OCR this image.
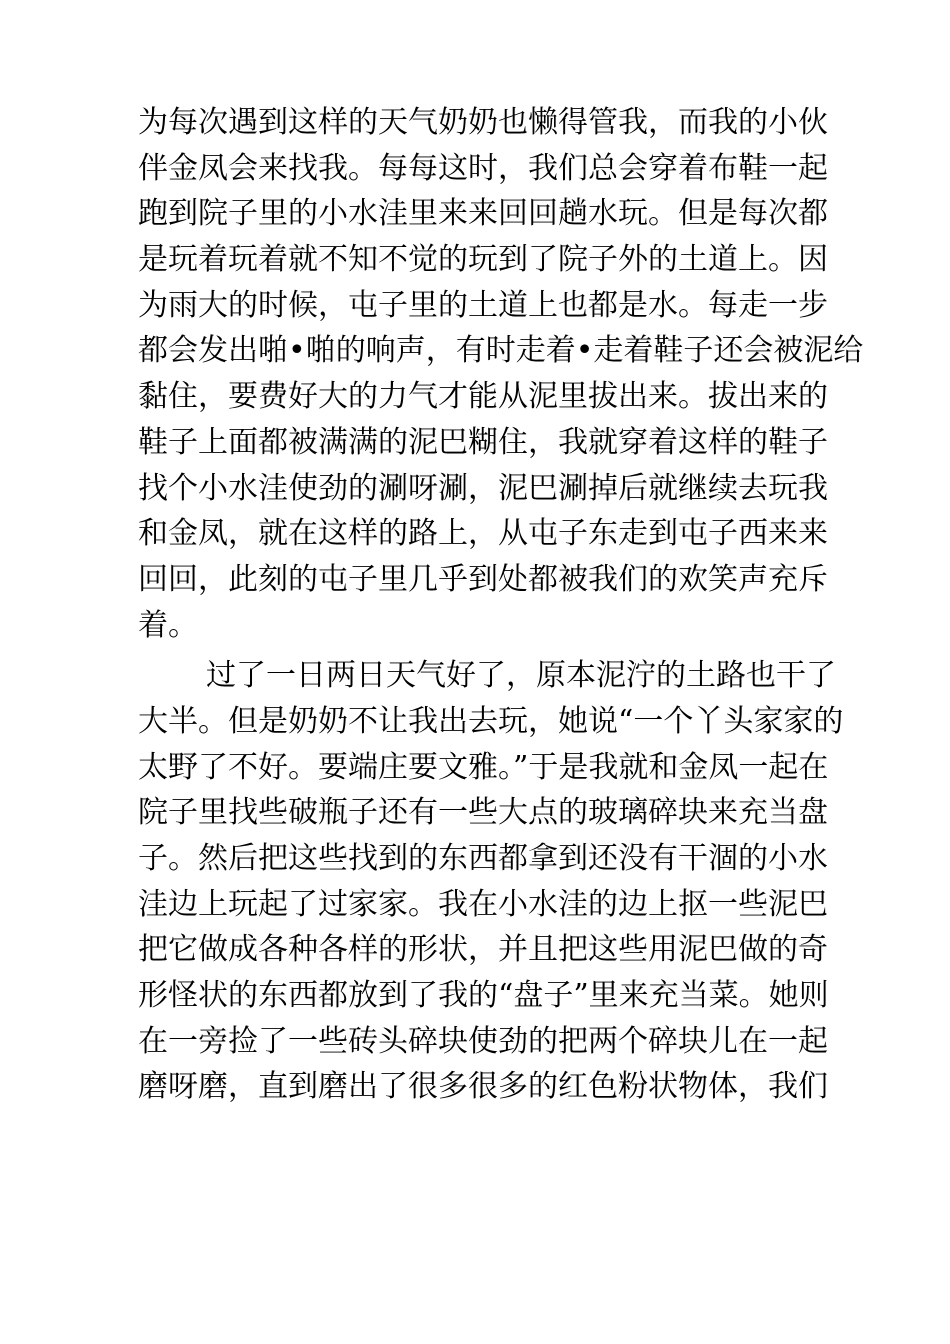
为每次遇到这样的天气奶奶也懒得管我，而我的小伙
伴金凤会来找我。每每这时，我们总会穿着布鞋一起
跑到院子里的小水洼里来来回回趟水玩。但是每次都
是玩着玩着就不知不觉的玩到了院子外的土道上。因
为雨大的时候，屯子里的土道上也都是水。每走一步
都会发出啪•啪的响声，有时走着•走着鞋子还会被泥给
黏住，要费好大的力气才能从泥里拔出来。拔出来的
鞋子上面都被满满的泥巴糊住，我就穿着这样的鞋子
找个小水洼使劲的涮呀涮，泥巴涮掉后就继续去玩我
和金凤，就在这样的路上，从屯子东走到屯子西来来
回回，此刻的屯子里几乎到处都被我们的欢笑声充斥
着。
过了一日两日天气好了，原本泥泞的土路也干了
大半。但是奶奶不让我出去玩，她说“一个丫头家家的
太野了不好。要端庄要文雅。”于是我就和金凤一起在
院子里找些破瓶子还有一些大点的玻璃碎块来充当盘
子。然后把这些找到的东西都拿到还没有干涸的小水
洼边上玩起了过家家。我在小水洼的边上抠一些泥巴
把它做成各种各样的形状，并且把这些用泥巴做的奇
形怪状的东西都放到了我的“盘子”里来充当菜。她则
在一旁捡了一些砖头碎块使劲的把两个碎块儿在一起
磨呀磨，直到磨出了很多很多的红色粉状物体，我们
